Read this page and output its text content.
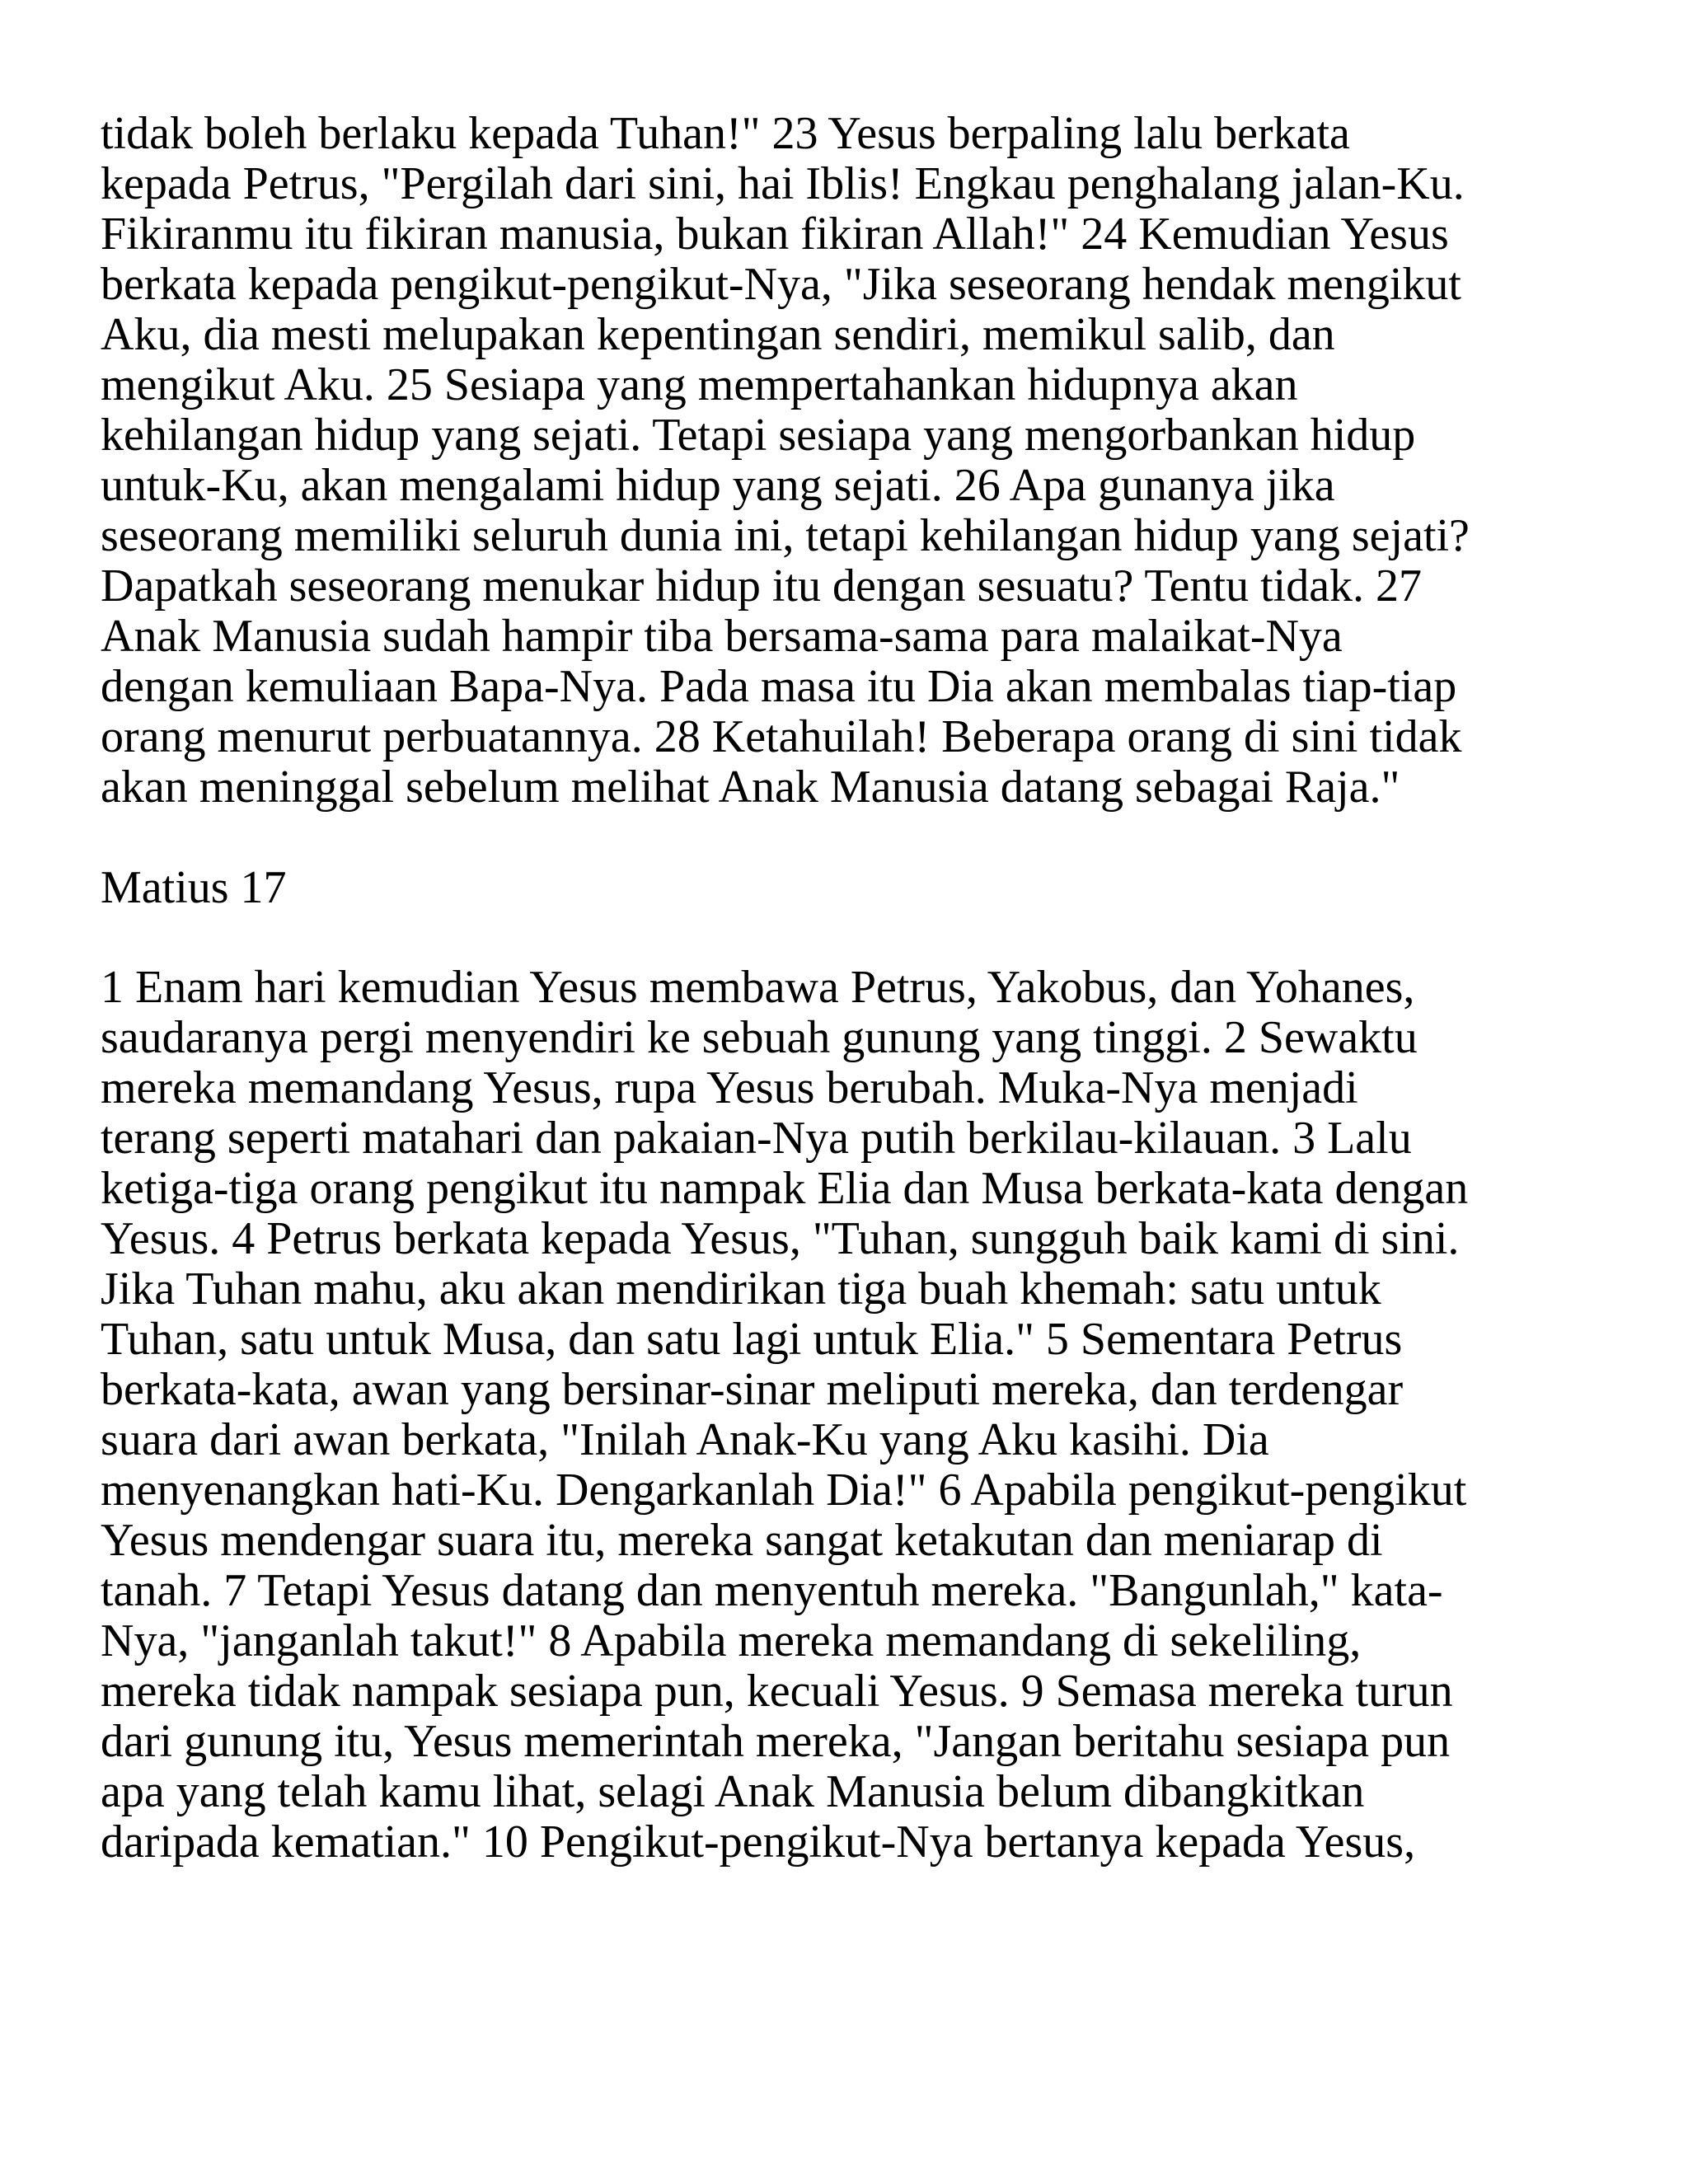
tidak boleh berlaku kepada Tuhan!" 23 Yesus berpaling lalu berkata
kepada Petrus, "Pergilah dari sini, hai Iblis! Engkau penghalang jalan-Ku.
Fikiranmu itu fikiran manusia, bukan fikiran Allah!" 24 Kemudian Yesus
berkata kepada pengikut-pengikut-Nya, "Jika seseorang hendak mengikut
Aku, dia mesti melupakan kepentingan sendiri, memikul salib, dan
mengikut Aku. 25 Sesiapa yang mempertahankan hidupnya akan
kehilangan hidup yang sejati. Tetapi sesiapa yang mengorbankan hidup
untuk-Ku, akan mengalami hidup yang sejati. 26 Apa gunanya jika
seseorang memiliki seluruh dunia ini, tetapi kehilangan hidup yang sejati?
Dapatkah seseorang menukar hidup itu dengan sesuatu? Tentu tidak. 27
Anak Manusia sudah hampir tiba bersama-sama para malaikat-Nya
dengan kemuliaan Bapa-Nya. Pada masa itu Dia akan membalas tiap-tiap
orang menurut perbuatannya. 28 Ketahuilah! Beberapa orang di sini tidak
akan meninggal sebelum melihat Anak Manusia datang sebagai Raja."
Matius 17
1 Enam hari kemudian Yesus membawa Petrus, Yakobus, dan Yohanes,
saudaranya pergi menyendiri ke sebuah gunung yang tinggi. 2 Sewaktu
mereka memandang Yesus, rupa Yesus berubah. Muka-Nya menjadi
terang seperti matahari dan pakaian-Nya putih berkilau-kilauan. 3 Lalu
ketiga-tiga orang pengikut itu nampak Elia dan Musa berkata-kata dengan
Yesus. 4 Petrus berkata kepada Yesus, "Tuhan, sungguh baik kami di sini.
Jika Tuhan mahu, aku akan mendirikan tiga buah khemah: satu untuk
Tuhan, satu untuk Musa, dan satu lagi untuk Elia." 5 Sementara Petrus
berkata-kata, awan yang bersinar-sinar meliputi mereka, dan terdengar
suara dari awan berkata, "Inilah Anak-Ku yang Aku kasihi. Dia
menyenangkan hati-Ku. Dengarkanlah Dia!" 6 Apabila pengikut-pengikut
Yesus mendengar suara itu, mereka sangat ketakutan dan meniarap di
tanah. 7 Tetapi Yesus datang dan menyentuh mereka. "Bangunlah," kata-
Nya, "janganlah takut!" 8 Apabila mereka memandang di sekeliling,
mereka tidak nampak sesiapa pun, kecuali Yesus. 9 Semasa mereka turun
dari gunung itu, Yesus memerintah mereka, "Jangan beritahu sesiapa pun
apa yang telah kamu lihat, selagi Anak Manusia belum dibangkitkan
daripada kematian." 10 Pengikut-pengikut-Nya bertanya kepada Yesus,
